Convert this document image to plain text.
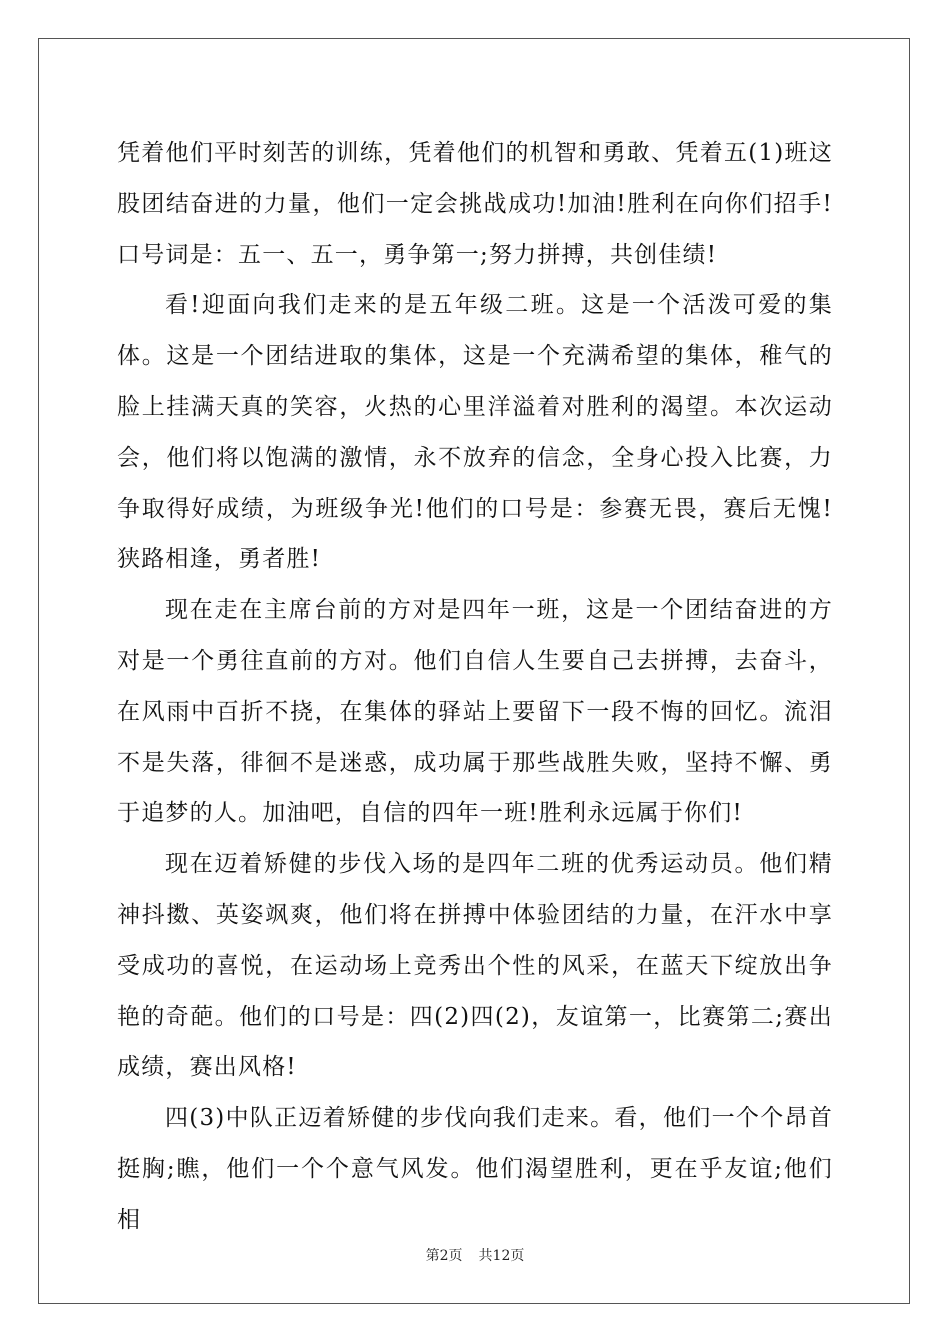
凭着他们平时刻苦的训练，凭着他们的机智和勇敢、凭着五(1)班这股团结奋进的力量，他们一定会挑战成功!加油!胜利在向你们招手!口号词是：五一、五一，勇争第一;努力拼搏，共创佳绩!

看!迎面向我们走来的是五年级二班。这是一个活泼可爱的集体。这是一个团结进取的集体，这是一个充满希望的集体，稚气的脸上挂满天真的笑容，火热的心里洋溢着对胜利的渴望。本次运动会，他们将以饱满的激情，永不放弃的信念，全身心投入比赛，力争取得好成绩，为班级争光!他们的口号是：参赛无畏，赛后无愧!狭路相逢，勇者胜!

现在走在主席台前的方对是四年一班，这是一个团结奋进的方对是一个勇往直前的方对。他们自信人生要自己去拼搏，去奋斗，在风雨中百折不挠，在集体的驿站上要留下一段不悔的回忆。流泪不是失落，徘徊不是迷惑，成功属于那些战胜失败，坚持不懈、勇于追梦的人。加油吧，自信的四年一班!胜利永远属于你们!

现在迈着矫健的步伐入场的是四年二班的优秀运动员。他们精神抖擞、英姿飒爽，他们将在拼搏中体验团结的力量，在汗水中享受成功的喜悦，在运动场上竞秀出个性的风采，在蓝天下绽放出争艳的奇葩。他们的口号是：四(2)四(2)，友谊第一，比赛第二;赛出成绩，赛出风格!

四(3)中队正迈着矫健的步伐向我们走来。看，他们一个个昂首挺胸;瞧，他们一个个意气风发。他们渴望胜利，更在乎友谊;他们相

第2页 共12页
